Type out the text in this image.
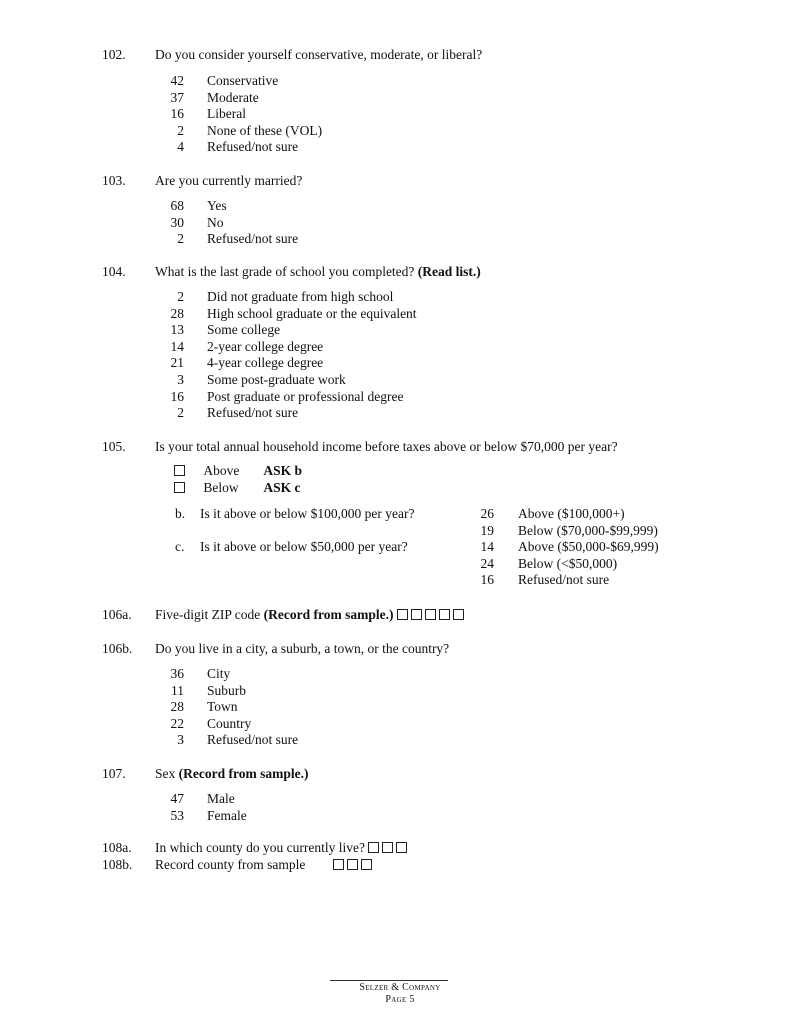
102.	Do you consider yourself conservative, moderate, or liberal?
42 Conservative
37 Moderate
16 Liberal
2 None of these (VOL)
4 Refused/not sure
103.	Are you currently married?
68 Yes
30 No
2 Refused/not sure
104.	What is the last grade of school you completed? (Read list.)
2 Did not graduate from high school
28 High school graduate or the equivalent
13 Some college
14 2-year college degree
21 4-year college degree
3 Some post-graduate work
16 Post graduate or professional degree
2 Refused/not sure
105.	Is your total annual household income before taxes above or below $70,000 per year?
Above ASK b
Below ASK c
b. Is it above or below $100,000 per year?
c. Is it above or below $50,000 per year?
26 Above ($100,000+)
19 Below ($70,000-$99,999)
14 Above ($50,000-$69,999)
24 Below (<$50,000)
16 Refused/not sure
106a.	Five-digit ZIP code (Record from sample.)
106b.	Do you live in a city, a suburb, a town, or the country?
36 City
11 Suburb
28 Town
22 Country
3 Refused/not sure
107.	Sex (Record from sample.)
47 Male
53 Female
108a.	In which county do you currently live?
108b.	Record county from sample
Selzer & Company
Page 5
